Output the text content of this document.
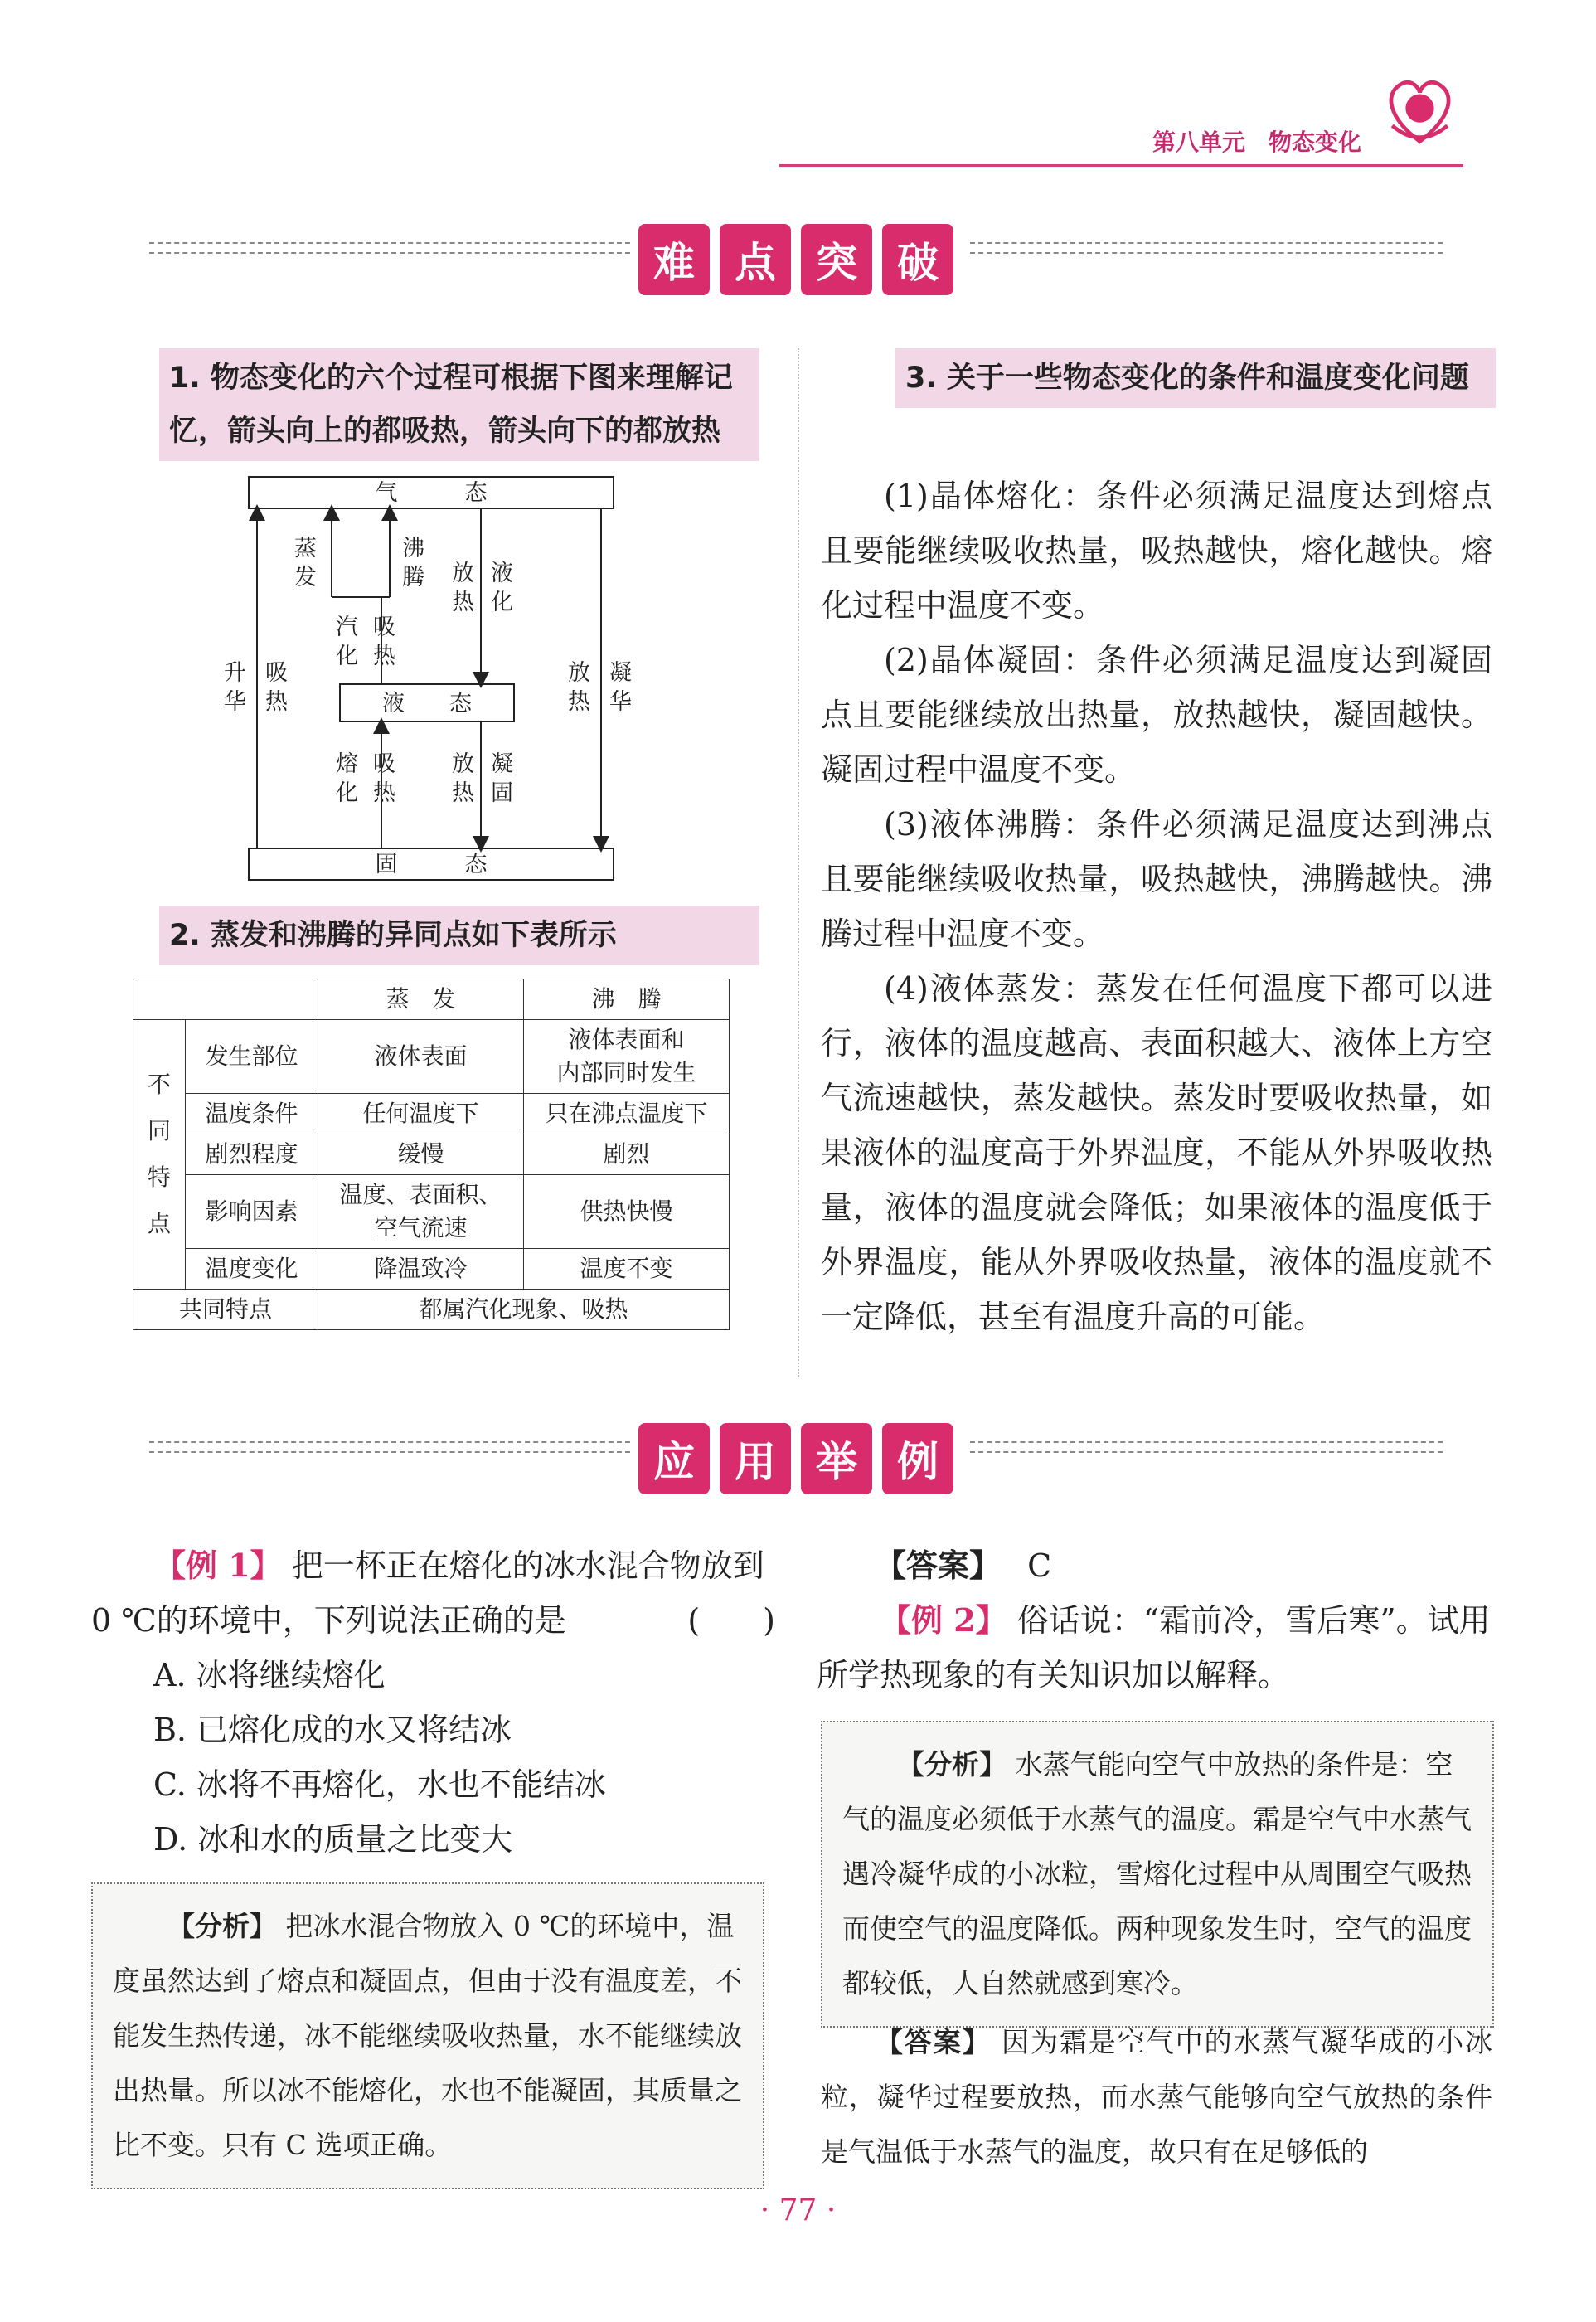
第八单元　物态变化
难 点 突 破
1. 物态变化的六个过程可根据下图来理解记忆，箭头向上的都吸热，箭头向下的都放热
气　　　态
液　　态
固　　　态
蒸
发
沸
腾
汽
化
吸
热
放
热
液
化
升
华
吸
热
放
热
凝
华
熔
化
吸
热
放
热
凝
固
2. 蒸发和沸腾的异同点如下表所示
		蒸　发	沸　腾
不
同
特
点	发生部位	液体表面	液体表面和
内部同时发生
	温度条件	任何温度下	只在沸点温度下
	剧烈程度	缓慢	剧烈
	影响因素	温度、表面积、
空气流速	供热快慢
	温度变化	降温致冷	温度不变
共同特点		都属汽化现象、吸热	
3. 关于一些物态变化的条件和温度变化问题

(1)晶体熔化：条件必须满足温度达到熔点且要能继续吸收热量，吸热越快，熔化越快。熔化过程中温度不变。

(2)晶体凝固：条件必须满足温度达到凝固点且要能继续放出热量，放热越快，凝固越快。凝固过程中温度不变。

(3)液体沸腾：条件必须满足温度达到沸点且要能继续吸收热量，吸热越快，沸腾越快。沸腾过程中温度不变。

(4)液体蒸发：蒸发在任何温度下都可以进行，液体的温度越高、表面积越大、液体上方空气流速越快，蒸发越快。蒸发时要吸收热量，如果液体的温度高于外界温度，不能从外界吸收热量，液体的温度就会降低；如果液体的温度低于外界温度，能从外界吸收热量，液体的温度就不一定降低，甚至有温度升高的可能。

应 用 举 例
【例 1】 把一杯正在熔化的冰水混合物放到 0 ℃的环境中，下列说法正确的是	(　　)
A. 冰将继续熔化
B. 已熔化成的水又将结冰
C. 冰将不再熔化，水也不能结冰
D. 冰和水的质量之比变大
【分析】 把冰水混合物放入 0 ℃的环境中，温度虽然达到了熔点和凝固点，但由于没有温度差，不能发生热传递，冰不能继续吸收热量，水不能继续放出热量。所以冰不能熔化，水也不能凝固，其质量之比不变。只有 C 选项正确。
【答案】 C
【例 2】 俗话说：“霜前冷，雪后寒”。试用所学热现象的有关知识加以解释。
【分析】 水蒸气能向空气中放热的条件是：空气的温度必须低于水蒸气的温度。霜是空气中水蒸气遇冷凝华成的小冰粒，雪熔化过程中从周围空气吸热而使空气的温度降低。两种现象发生时，空气的温度都较低，人自然就感到寒冷。
【答案】 因为霜是空气中的水蒸气凝华成的小冰粒，凝华过程要放热，而水蒸气能够向空气放热的条件是气温低于水蒸气的温度，故只有在足够低的
· 77 ·
